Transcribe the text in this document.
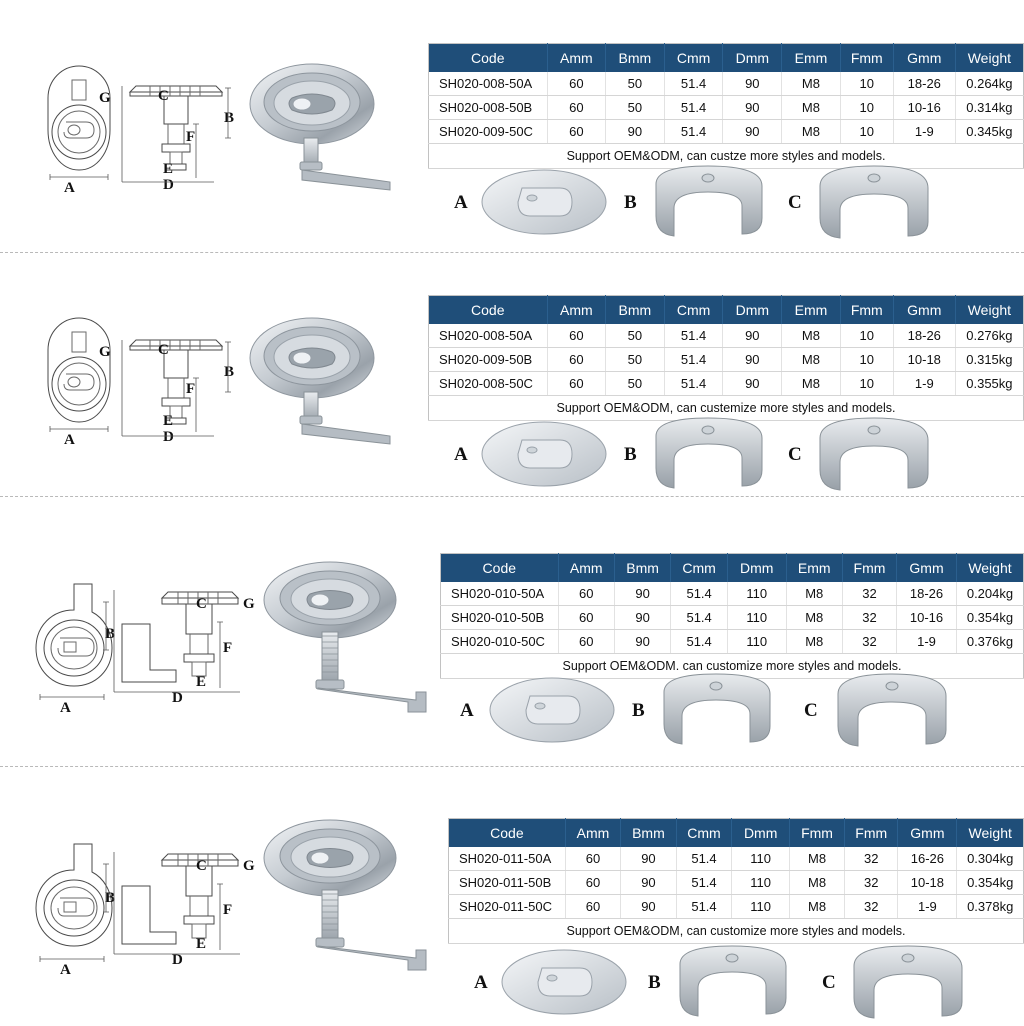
A
G	C
B
F
E
D
Code	Amm	Bmm	Cmm	Dmm	Emm	Fmm	Gmm	Weight
SH020-008-50A	60	50	51.4	90	M8	10	18-26	0.264kg
SH020-008-50B	60	50	51.4	90	M8	10	10-16	0.314kg
SH020-009-50C	60	90	51.4	90	M8	10	1-9	0.345kg
Support OEM&ODM, can custze more styles and models.								
A	B	C
A
G	C
B
F
E
D
Code	Amm	Bmm	Cmm	Dmm	Emm	Fmm	Gmm	Weight
SH020-008-50A	60	50	51.4	90	M8	10	18-26	0.276kg
SH020-009-50B	60	50	51.4	90	M8	10	10-18	0.315kg
SH020-008-50C	60	50	51.4	90	M8	10	1-9	0.355kg
Support OEM&ODM, can custemize more styles and models.								
A	B	C
A
G
C
B
F
E
D
Code	Amm	Bmm	Cmm	Dmm	Emm	Fmm	Gmm	Weight
SH020-010-50A	60	90	51.4	110	M8	32	18-26	0.204kg
SH020-010-50B	60	90	51.4	110	M8	32	10-16	0.354kg
SH020-010-50C	60	90	51.4	110	M8	32	1-9	0.376kg
Support OEM&ODM. can customize more styles and models.								
A	B	C
A
G
C
B
F
E
D
Code	Amm	Bmm	Cmm	Dmm	Fmm	Fmm	Gmm	Weight
SH020-011-50A	60	90	51.4	110	M8	32	16-26	0.304kg
SH020-011-50B	60	90	51.4	110	M8	32	10-18	0.354kg
SH020-011-50C	60	90	51.4	110	M8	32	1-9	0.378kg
Support OEM&ODM, can customize more styles and models.								
A	B	C
